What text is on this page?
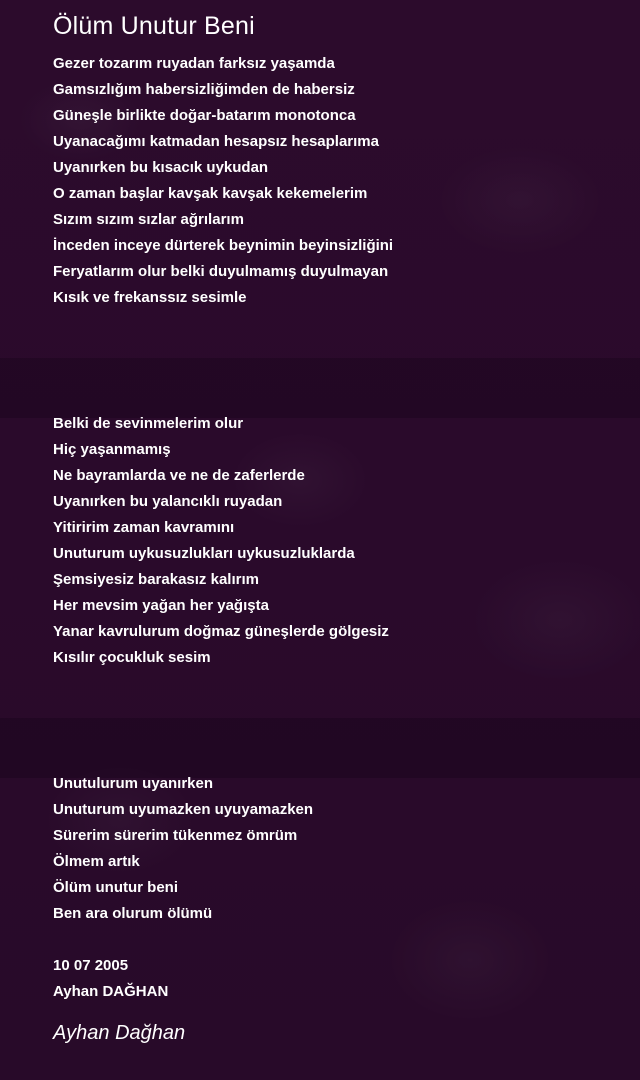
Ölüm Unutur Beni
Gezer tozarım ruyadan farksız yaşamda
Gamsızlığım habersizliğimden de habersiz
Güneşle birlikte doğar-batarım monotonca
Uyanacağımı katmadan hesapsız hesaplarıma
Uyanırken bu kısacık uykudan
O zaman başlar kavşak kavşak kekemelerim
Sızım sızım sızlar ağrılarım
İnceden inceye dürterek beynimin beyinsizliğini
Feryatlarım olur belki duyulmamış duyulmayan
Kısık ve frekanssız sesimle
Belki de sevinmelerim olur
Hiç yaşanmamış
Ne bayramlarda ve ne de zaferlerde
Uyanırken bu yalancıklı ruyadan
Yitiririm zaman kavramını
Unuturum uykusuzlukları uykusuzluklarda
Şemsiyesiz barakasız kalırım
Her mevsim yağan her yağışta
Yanar kavrulurum doğmaz güneşlerde gölgesiz
Kısılır çocukluk sesim
Unutulurum uyanırken
Unuturum uyumazken uyuyamazken
Sürerim sürerim tükenmez ömrüm
Ölmem artık
Ölüm unutur beni
Ben ara olurum ölümü
10 07 2005
Ayhan DAĞHAN
Ayhan Dağhan
